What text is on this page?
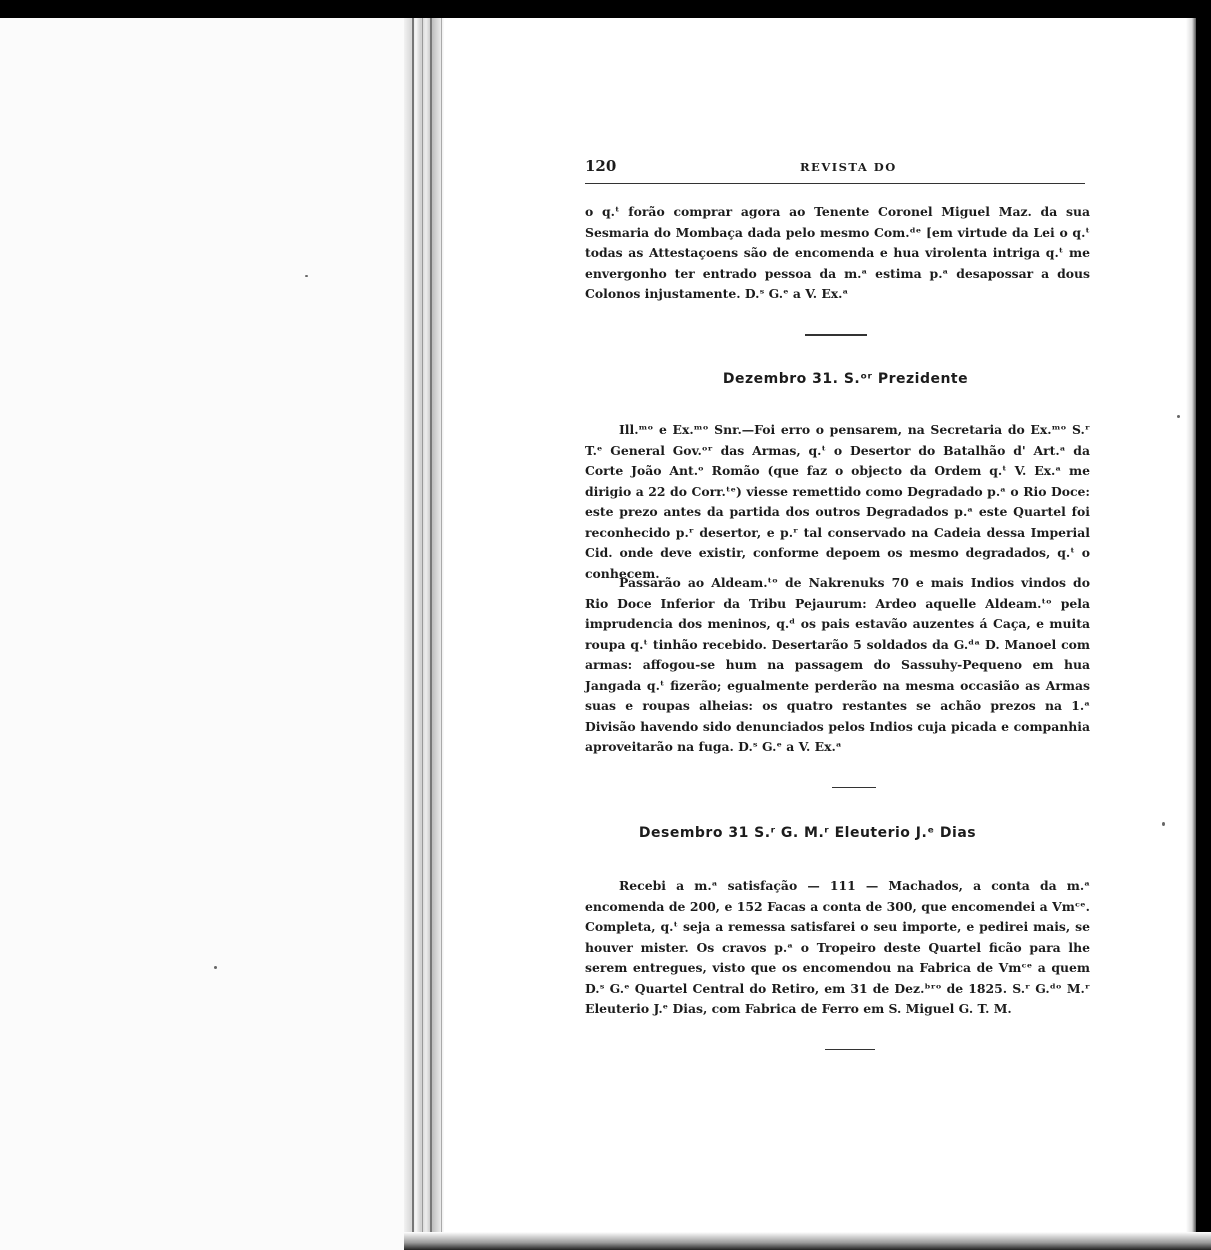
120	REVISTA DO

o q.ᵗ forão comprar agora ao Tenente Coronel Miguel Maz. da sua Sesmaria do Mombaça dada pelo mesmo Com.ᵈᵉ [em virtude da Lei o q.ᵗ todas as Attestaçoens são de encomenda e hua virolenta intriga q.ᵗ me envergonho ter entrado pessoa da m.ᵃ estima p.ᵃ desapossar a dous Colonos injustamente. D.ˢ G.ᵉ a V. Ex.ᵃ

Dezembro 31. S.ᵒʳ Prezidente

Ill.ᵐᵒ e Ex.ᵐᵒ Snr.—Foi erro o pensarem, na Secretaria do Ex.ᵐᵒ S.ʳ T.ᵉ General Gov.ᵒʳ das Armas, q.ᵗ o Desertor do Batalhão d' Art.ᵃ da Corte João Ant.ᵒ Romão (que faz o objecto da Ordem q.ᵗ V. Ex.ᵃ me dirigio a 22 do Corr.ᵗᵉ) viesse remettido como Degradado p.ᵃ o Rio Doce: este prezo antes da partida dos outros Degradados p.ᵃ este Quartel foi reconhecido p.ʳ desertor, e p.ʳ tal conservado na Cadeia dessa Imperial Cid. onde deve existir, conforme depoem os mesmo degradados, q.ᵗ o conhecem.

Passarão ao Aldeam.ᵗᵒ de Nakrenuks 70 e mais Indios vindos do Rio Doce Inferior da Tribu Pejaurum: Ardeo aquelle Aldeam.ᵗᵒ pela imprudencia dos meninos, q.ᵈ os pais estavão auzentes á Caça, e muita roupa q.ᵗ tinhão recebido. Desertarão 5 soldados da G.ᵈᵃ D. Manoel com armas: affogou-se hum na passagem do Sassuhy-Pequeno em hua Jangada q.ᵗ fizerão; egualmente perderão na mesma occasião as Armas suas e roupas alheias: os quatro restantes se achão prezos na 1.ᵃ Divisão havendo sido denunciados pelos Indios cuja picada e companhia aproveitarão na fuga. D.ˢ G.ᵉ a V. Ex.ᵃ

Desembro 31 S.ʳ G. M.ʳ Eleuterio J.ᵉ Dias

Recebi a m.ᵃ satisfação — 111 — Machados, a conta da m.ᵃ encomenda de 200, e 152 Facas a conta de 300, que encomendei a Vmᶜᵉ. Completa, q.ᵗ seja a remessa satisfarei o seu importe, e pedirei mais, se houver mister. Os cravos p.ᵃ o Tropeiro deste Quartel ficão para lhe serem entregues, visto que os encomendou na Fabrica de Vmᶜᵉ a quem D.ˢ G.ᵉ Quartel Central do Retiro, em 31 de Dez.ᵇʳᵒ de 1825. S.ʳ G.ᵈᵒ M.ʳ Eleuterio J.ᵉ Dias, com Fabrica de Ferro em S. Miguel G. T. M.
